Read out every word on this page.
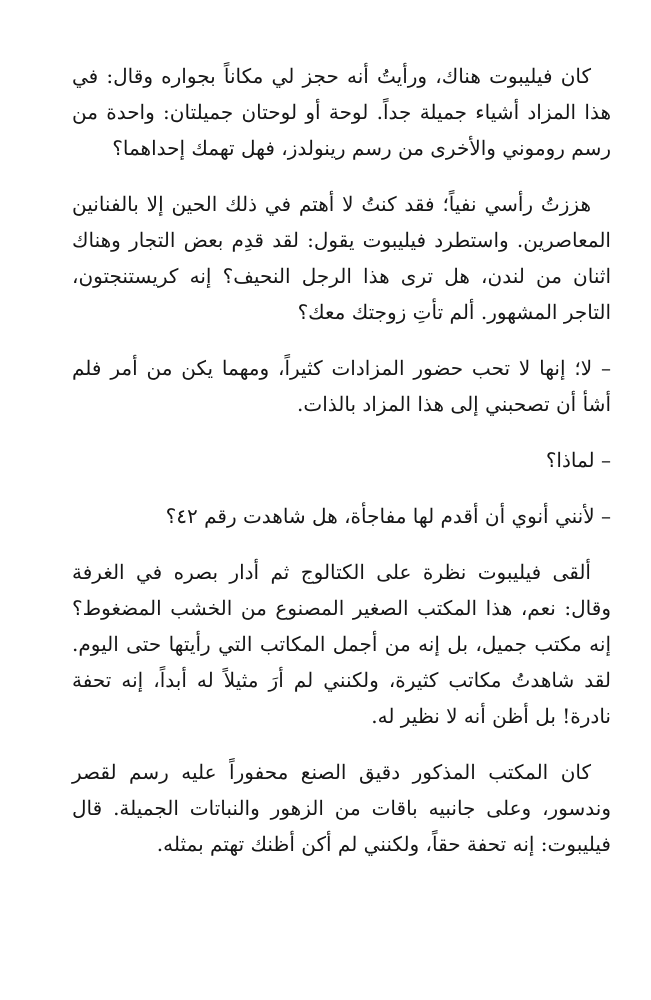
كان فيليبوت هناك، ورأيتُ أنه حجز لي مكاناً بجواره وقال: في هذا المزاد أشياء جميلة جداً. لوحة أو لوحتان جميلتان: واحدة من رسم روموني والأخرى من رسم رينولدز، فهل تهمك إحداهما؟

هززتُ رأسي نفياً؛ فقد كنتُ لا أهتم في ذلك الحين إلا بالفنانين المعاصرين. واستطرد فيليبوت يقول: لقد قدِم بعض التجار وهناك اثنان من لندن، هل ترى هذا الرجل النحيف؟ إنه كريستنجتون، التاجر المشهور. ألم تأتِ زوجتك معك؟

– لا؛ إنها لا تحب حضور المزادات كثيراً، ومهما يكن من أمر فلم أشأ أن تصحبني إلى هذا المزاد بالذات.

– لماذا؟

– لأنني أنوي أن أقدم لها مفاجأة، هل شاهدت رقم ٤٢؟

ألقى فيليبوت نظرة على الكتالوج ثم أدار بصره في الغرفة وقال: نعم، هذا المكتب الصغير المصنوع من الخشب المضغوط؟ إنه مكتب جميل، بل إنه من أجمل المكاتب التي رأيتها حتى اليوم. لقد شاهدتُ مكاتب كثيرة، ولكنني لم أرَ مثيلاً له أبداً، إنه تحفة نادرة! بل أظن أنه لا نظير له.

كان المكتب المذكور دقيق الصنع محفوراً عليه رسم لقصر وندسور، وعلى جانبيه باقات من الزهور والنباتات الجميلة. قال فيليبوت: إنه تحفة حقاً، ولكنني لم أكن أظنك تهتم بمثله.
